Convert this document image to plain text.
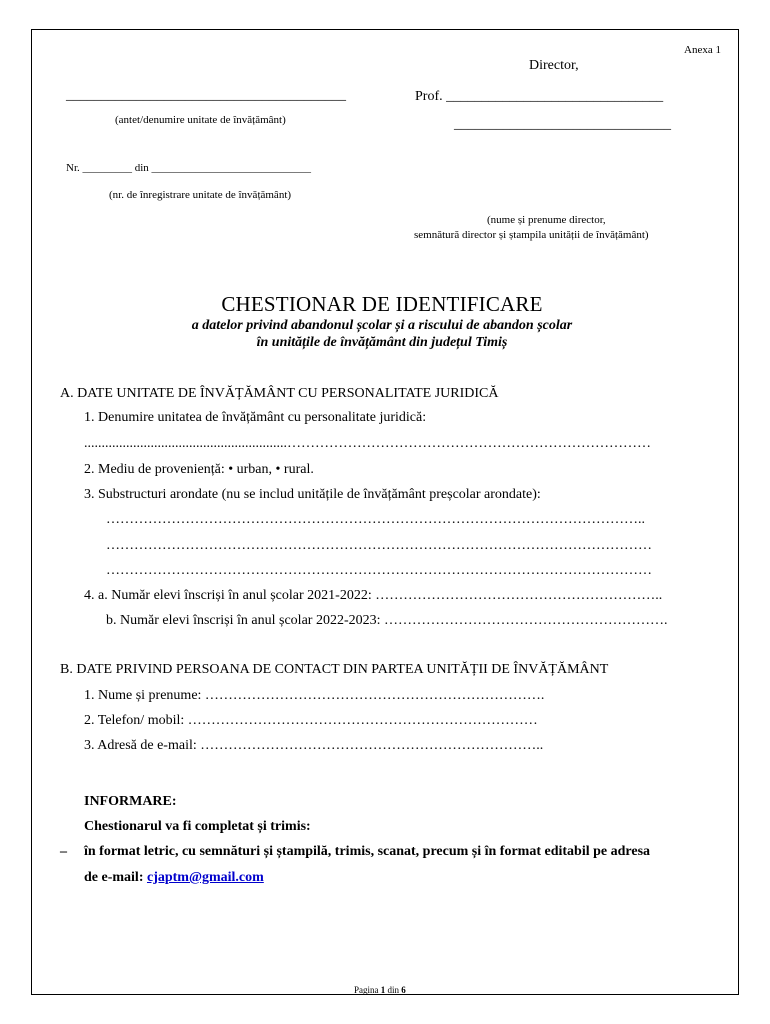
Anexa 1
Director,
________________________________________	Prof. _______________________________
(antet/denumire unitate de învățământ)	_______________________________
Nr. _________ din _____________________________
(nr. de înregistrare unitate de învățământ)
(nume și prenume director,
semnătură director și ștampila unității de învățământ)
CHESTIONAR DE IDENTIFICARE
a datelor privind abandonul școlar și a riscului de abandon școlar
în unitățile de învățământ din județul Timiș
A. DATE UNITATE DE ÎNVĂȚĂMÂNT CU PERSONALITATE JURIDICĂ
1. Denumire unitatea de învățământ cu personalitate juridică:
..........................................................……………………………………………………………………
2. Mediu de proveniență: • urban, • rural.
3. Substructuri arondate (nu se includ unitățile de învățământ preșcolar arondate):
……………………………………………………………………………………………………..
………………………………………………………………………………………………………
………………………………………………………………………………………………………
4. a. Număr elevi înscriși în anul școlar 2021-2022: ……………………………………………………..
b. Număr elevi înscriși în anul școlar 2022-2023: …………………………………………………….
B. DATE PRIVIND PERSOANA DE CONTACT DIN PARTEA UNITĂȚII DE ÎNVĂȚĂMÂNT
1. Nume și prenume: ……………………………………………………………….
2. Telefon/ mobil: …………………………………………………………………
3. Adresă de e-mail: ………………………………………………………………..
INFORMARE:
Chestionarul va fi completat și trimis:
– în format letric, cu semnături și ștampilă, trimis, scanat, precum și în format editabil pe adresa
de e-mail: cjaptm@gmail.com
Pagina 1 din 6
